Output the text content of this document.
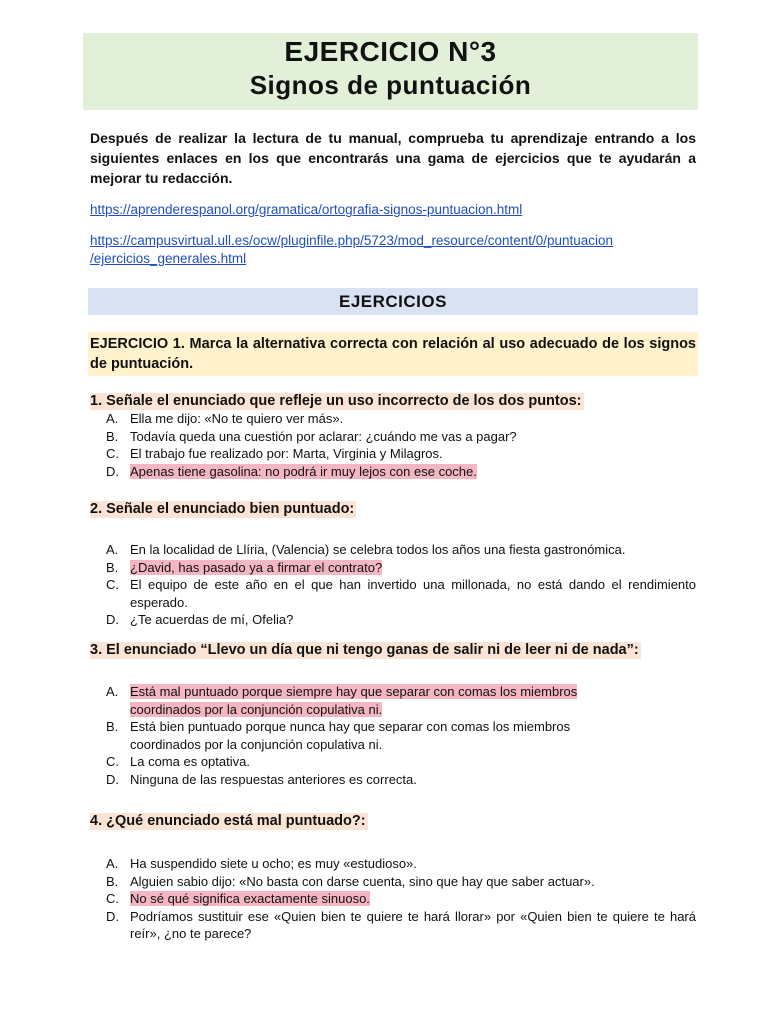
EJERCICIO N°3
Signos de puntuación
Después de realizar la lectura de tu manual, comprueba tu aprendizaje entrando a los siguientes enlaces en los que encontrarás una gama de ejercicios que te ayudarán a mejorar tu redacción.
https://aprenderespanol.org/gramatica/ortografia-signos-puntuacion.html
https://campusvirtual.ull.es/ocw/pluginfile.php/5723/mod_resource/content/0/puntuacion
/ejercicios_generales.html
EJERCICIOS
EJERCICIO 1. Marca la alternativa correcta con relación al uso adecuado de los signos de puntuación.
1. Señale el enunciado que refleje un uso incorrecto de los dos puntos:
A. Ella me dijo: «No te quiero ver más».
B. Todavía queda una cuestión por aclarar: ¿cuándo me vas a pagar?
C. El trabajo fue realizado por: Marta, Virginia y Milagros.
D. Apenas tiene gasolina: no podrá ir muy lejos con ese coche.
2. Señale el enunciado bien puntuado:
A. En la localidad de Llíria, (Valencia) se celebra todos los años una fiesta gastronómica.
B. ¿David, has pasado ya a firmar el contrato?
C. El equipo de este año en el que han invertido una millonada, no está dando el rendimiento esperado.
D. ¿Te acuerdas de mí, Ofelia?
3. El enunciado “Llevo un día que ni tengo ganas de salir ni de leer ni de nada”:
A. Está mal puntuado porque siempre hay que separar con comas los miembros
coordinados por la conjunción copulativa ni.
B. Está bien puntuado porque nunca hay que separar con comas los miembros
coordinados por la conjunción copulativa ni.
C. La coma es optativa.
D. Ninguna de las respuestas anteriores es correcta.
4. ¿Qué enunciado está mal puntuado?:
A. Ha suspendido siete u ocho; es muy «estudioso».
B. Alguien sabio dijo: «No basta con darse cuenta, sino que hay que saber actuar».
C. No sé qué significa exactamente sinuoso.
D. Podríamos sustituir ese «Quien bien te quiere te hará llorar» por «Quien bien te quiere te hará reír», ¿no te parece?
